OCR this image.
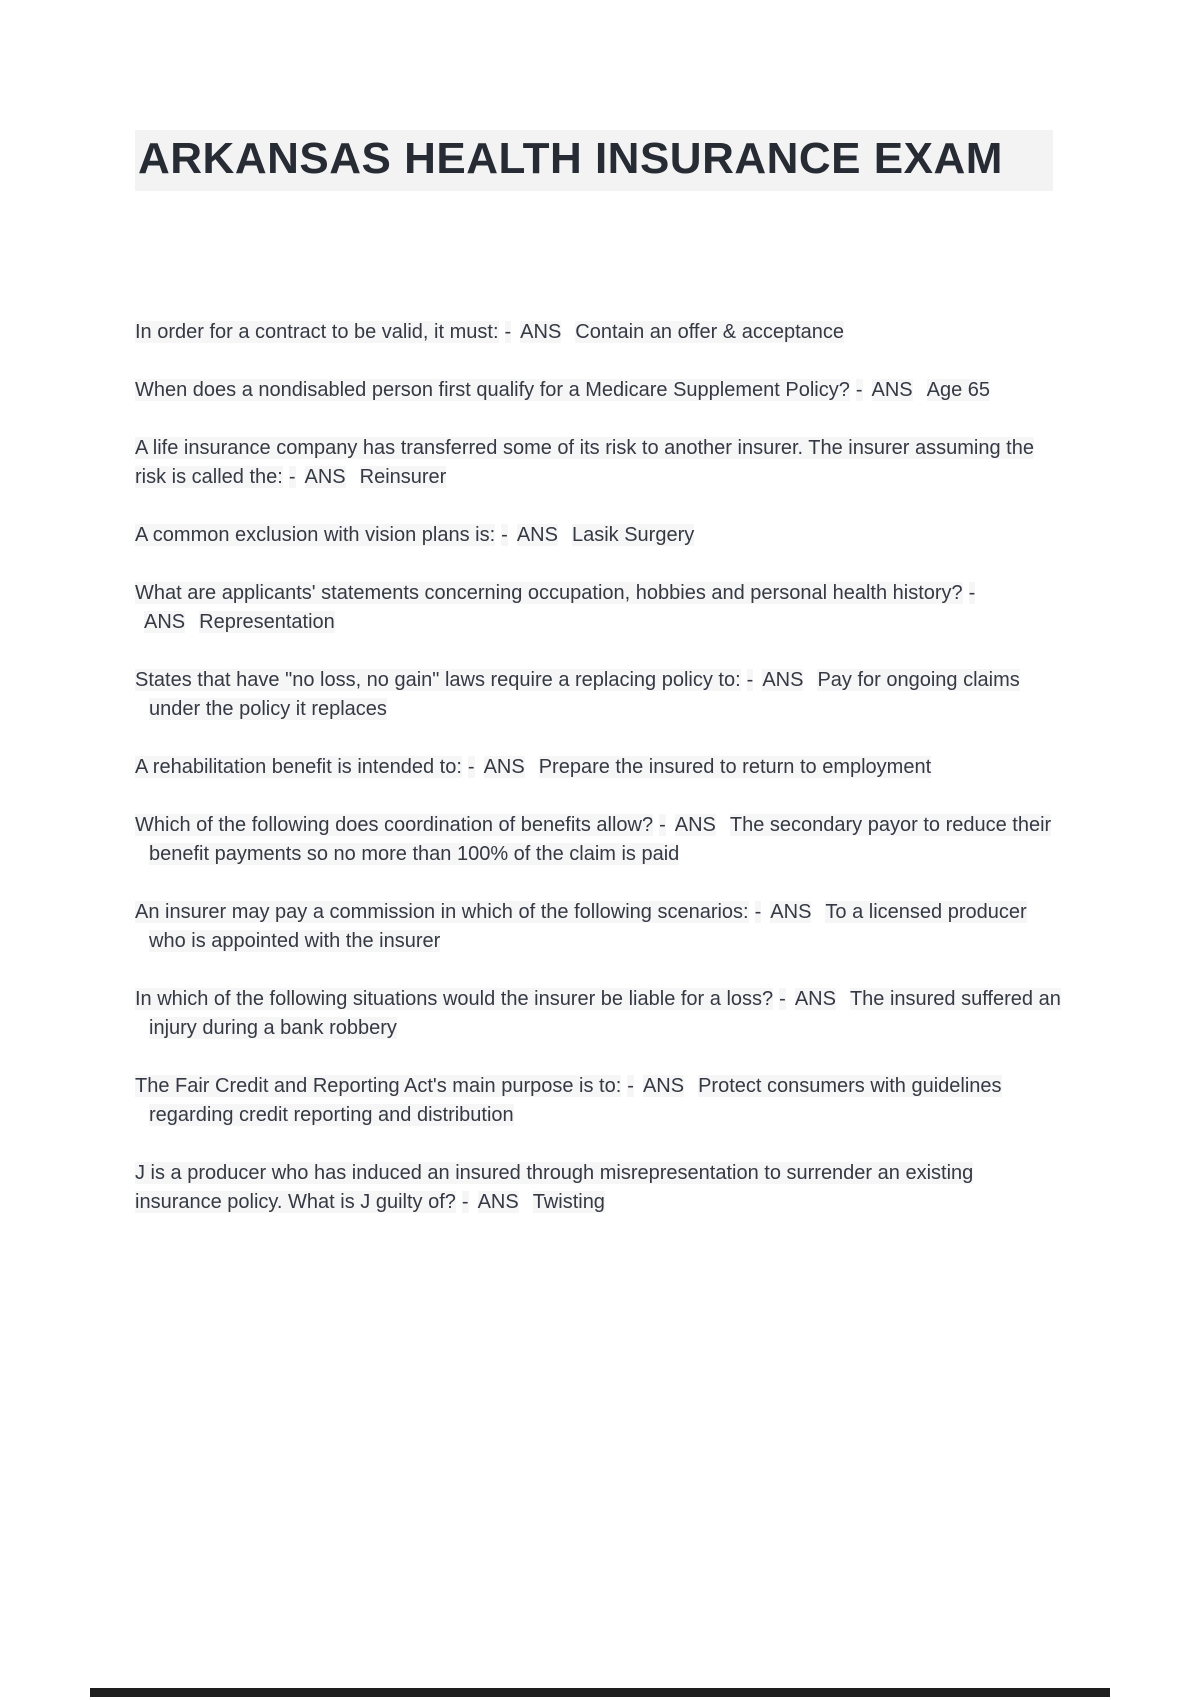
ARKANSAS HEALTH INSURANCE EXAM

In order for a contract to be valid, it must: - ANS Contain an offer & acceptance

When does a nondisabled person first qualify for a Medicare Supplement Policy? - ANS Age 65

A life insurance company has transferred some of its risk to another insurer. The insurer assuming the risk is called the: - ANS Reinsurer

A common exclusion with vision plans is: - ANS Lasik Surgery

What are applicants' statements concerning occupation, hobbies and personal health history? -ANS Representation

States that have "no loss, no gain" laws require a replacing policy to: - ANS Pay for ongoing claims under the policy it replaces

A rehabilitation benefit is intended to: - ANS Prepare the insured to return to employment

Which of the following does coordination of benefits allow? - ANS The secondary payor to reduce their benefit payments so no more than 100% of the claim is paid

An insurer may pay a commission in which of the following scenarios: - ANS To a licensed producer who is appointed with the insurer

In which of the following situations would the insurer be liable for a loss? - ANS The insured suffered an injury during a bank robbery

The Fair Credit and Reporting Act's main purpose is to: - ANS Protect consumers with guidelines regarding credit reporting and distribution

J is a producer who has induced an insured through misrepresentation to surrender an existing insurance policy. What is J guilty of? - ANS Twisting
